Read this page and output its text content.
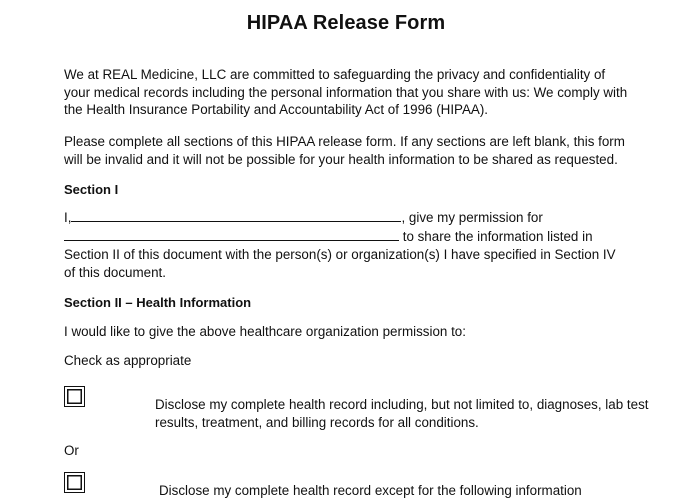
HIPAA Release Form
We at REAL Medicine, LLC are committed to safeguarding the privacy and confidentiality of your medical records including the personal information that you share with us: We comply with the Health Insurance Portability and Accountability Act of 1996 (HIPAA).
Please complete all sections of this HIPAA release form. If any sections are left blank, this form will be invalid and it will not be possible for your health information to be shared as requested.
Section I
I,	, give my permission for
to share the information listed in
Section II of this document with the person(s) or organization(s) I have specified in Section IV
of this document.
Section II – Health Information
I would like to give the above healthcare organization permission to:
Check as appropriate
Disclose my complete health record including, but not limited to, diagnoses, lab test results, treatment, and billing records for all conditions.
Or
Disclose my complete health record except for the following information
